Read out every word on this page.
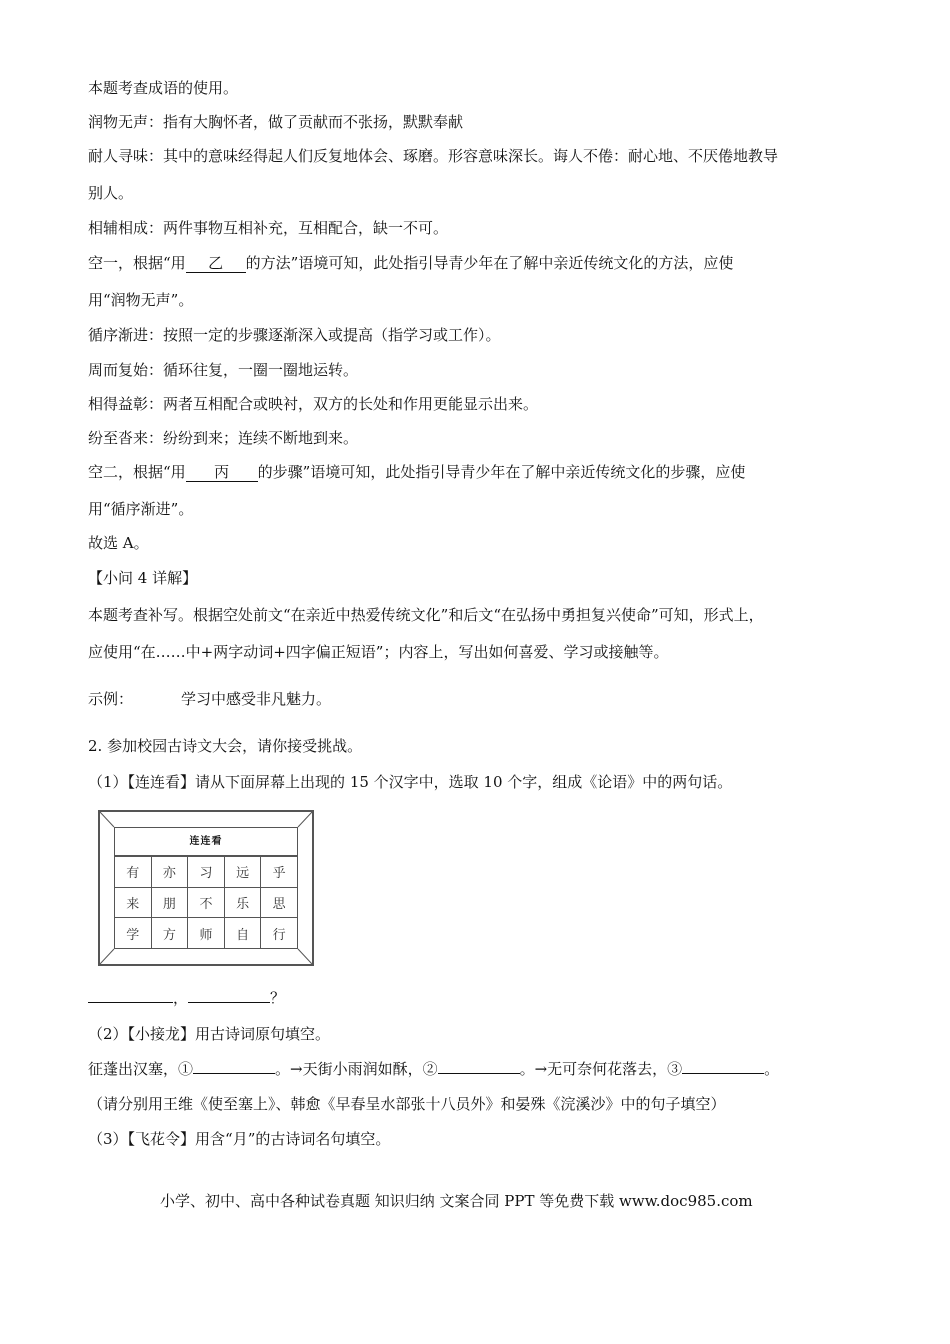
本题考查成语的使用。
润物无声：指有大胸怀者，做了贡献而不张扬，默默奉献
耐人寻味：其中的意味经得起人们反复地体会、琢磨。形容意味深长。诲人不倦：耐心地、不厌倦地教导
别人。
相辅相成：两件事物互相补充，互相配合，缺一不可。
空一，根据“用 乙 的方法”语境可知，此处指引导青少年在了解中亲近传统文化的方法，应使
用“润物无声”。
循序渐进：按照一定的步骤逐渐深入或提高（指学习或工作）。
周而复始：循环往复，一圈一圈地运转。
相得益彰：两者互相配合或映衬，双方的长处和作用更能显示出来。
纷至沓来：纷纷到来；连续不断地到来。
空二，根据“用 丙 的步骤”语境可知，此处指引导青少年在了解中亲近传统文化的步骤，应使
用“循序渐进”。
故选 A。
【小问 4 详解】
本题考查补写。根据空处前文“在亲近中热爱传统文化”和后文“在弘扬中勇担复兴使命”可知，形式上，
应使用“在……中+两字动词+四字偏正短语”；内容上，写出如何喜爱、学习或接触等。
示例：	学习中感受非凡魅力。
2. 参加校园古诗文大会，请你接受挑战。
（1）【连连看】请从下面屏幕上出现的 15 个汉字中，选取 10 个字，组成《论语》中的两句话。
连连看
有	亦	习	远	乎
来	朋	不	乐	思
学	方	师	自	行
，	？
（2）【小接龙】用古诗词原句填空。
征蓬出汉塞，①	。→天街小雨润如酥，②	。→无可奈何花落去，③	。
（请分别用王维《使至塞上》、韩愈《早春呈水部张十八员外》和晏殊《浣溪沙》中的句子填空）
（3）【飞花令】用含“月”的古诗词名句填空。
小学、初中、高中各种试卷真题 知识归纳 文案合同 PPT 等免费下载 www.doc985.com
